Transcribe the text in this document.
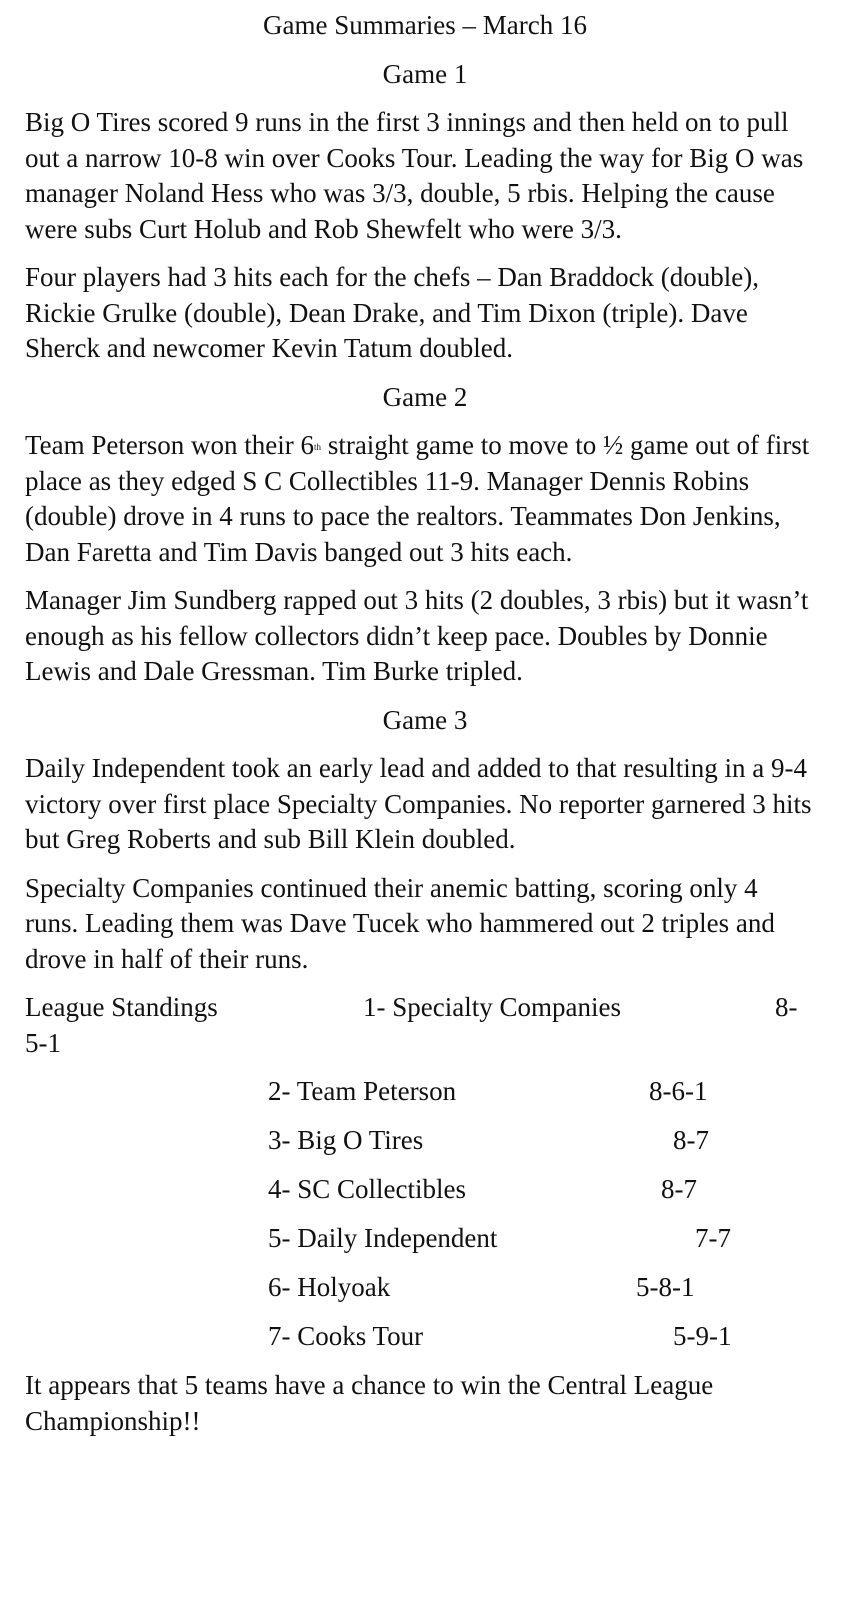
Game Summaries – March 16

Game 1

Big O Tires scored 9 runs in the first 3 innings and then held on to pull out a narrow 10-8 win over Cooks Tour. Leading the way for Big O was manager Noland Hess who was 3/3, double, 5 rbis. Helping the cause were subs Curt Holub and Rob Shewfelt who were 3/3.

Four players had 3 hits each for the chefs – Dan Braddock (double), Rickie Grulke (double), Dean Drake, and Tim Dixon (triple). Dave Sherck and newcomer Kevin Tatum doubled.

Game 2

Team Peterson won their 6th straight game to move to ½ game out of first place as they edged S C Collectibles 11-9. Manager Dennis Robins (double) drove in 4 runs to pace the realtors. Teammates Don Jenkins, Dan Faretta and Tim Davis banged out 3 hits each.

Manager Jim Sundberg rapped out 3 hits (2 doubles, 3 rbis) but it wasn’t enough as his fellow collectors didn’t keep pace. Doubles by Donnie Lewis and Dale Gressman. Tim Burke tripled.

Game 3

Daily Independent took an early lead and added to that resulting in a 9-4 victory over first place Specialty Companies. No reporter garnered 3 hits but Greg Roberts and sub Bill Klein doubled.

Specialty Companies continued their anemic batting, scoring only 4 runs. Leading them was Dave Tucek who hammered out 2 triples and drove in half of their runs.

League Standings	1- Specialty Companies	8-
5-1
2- Team Peterson	8-6-1
3- Big O Tires	8-7
4- SC Collectibles	8-7
5- Daily Independent	7-7
6- Holyoak	5-8-1
7- Cooks Tour	5-9-1

It appears that 5 teams have a chance to win the Central League Championship!!
